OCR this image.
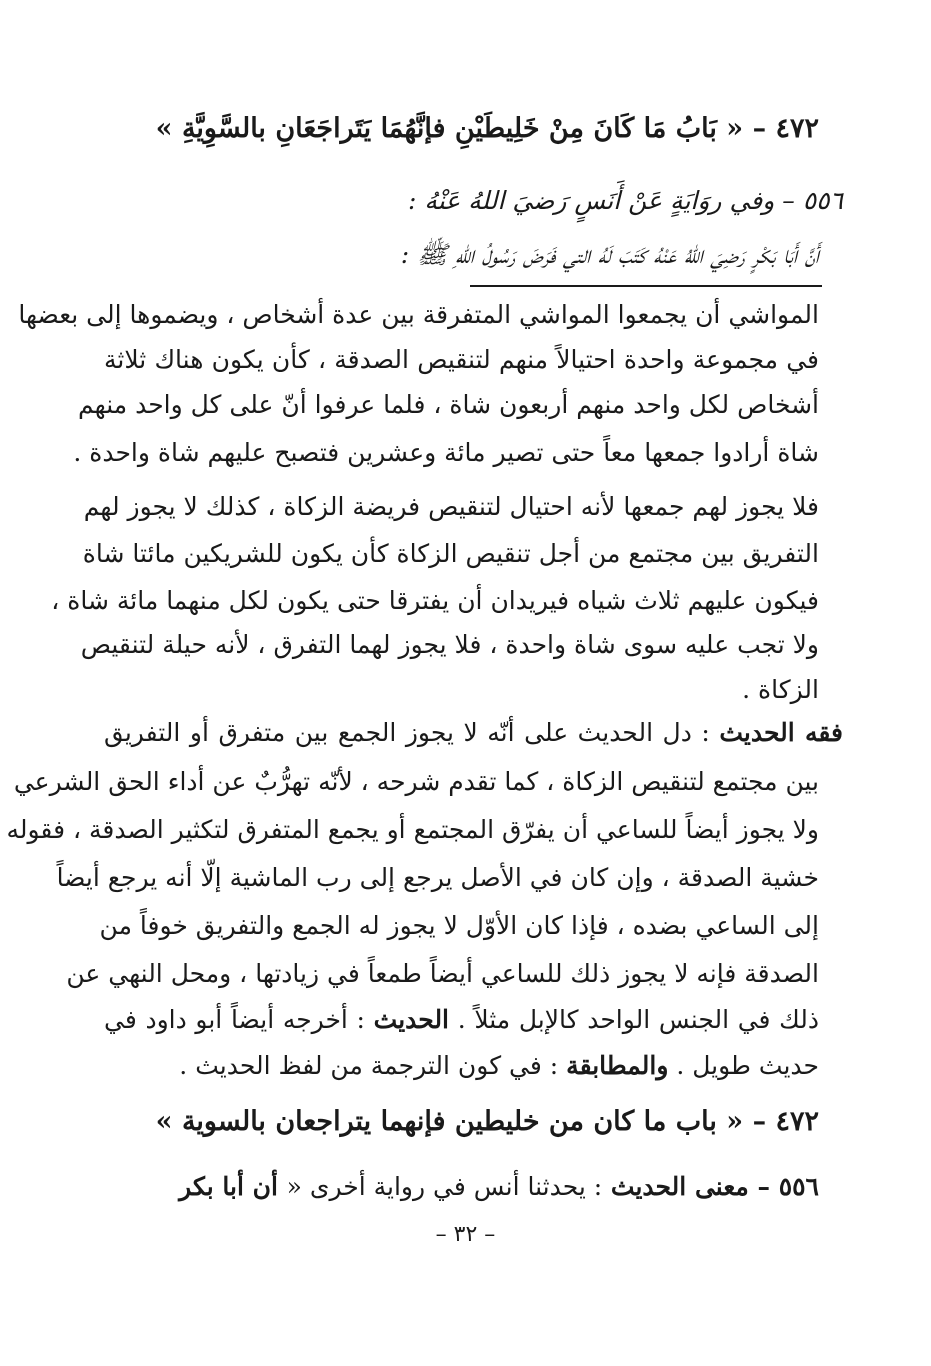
٤٧٢ – « بَابُ مَا كَانَ مِنْ خَلِيطَيْنِ فإنَّهُمَا يَتَراجَعَانِ بالسَّوِيَّةِ »
٥٥٦ – وفي روَايَةٍ عَنْ أَنَسٍ رَضيَ اللهُ عَنْهُ :
أَنَّ أَبَا بَكْرٍ رَضِيَ اللهُ عَنْهُ كَتَبَ لَهُ التي فَرَضَ رَسُولُ اللهِ ﷺ :
المواشي أن يجمعوا المواشي المتفرقة بين عدة أشخاص ، ويضموها إلى بعضها
في مجموعة واحدة احتيالاً منهم لتنقيص الصدقة ، كأن يكون هناك ثلاثة
أشخاص لكل واحد منهم أربعون شاة ، فلما عرفوا أنّ على كل واحد منهم
شاة أرادوا جمعها معاً حتى تصير مائة وعشرين فتصبح عليهم شاة واحدة .
فلا يجوز لهم جمعها لأنه احتيال لتنقيص فريضة الزكاة ، كذلك لا يجوز لهم
التفريق بين مجتمع من أجل تنقيص الزكاة كأن يكون للشريكين مائتا شاة
فيكون عليهم ثلاث شياه فيريدان أن يفترقا حتى يكون لكل منهما مائة شاة ،
ولا تجب عليه سوى شاة واحدة ، فلا يجوز لهما التفرق ، لأنه حيلة لتنقيص
الزكاة .
فقه الحديث : دل الحديث على أنّه لا يجوز الجمع بين متفرق أو التفريق
بين مجتمع لتنقيص الزكاة ، كما تقدم شرحه ، لأنّه تهرُّبٌ عن أداء الحق الشرعي
ولا يجوز أيضاً للساعي أن يفرّق المجتمع أو يجمع المتفرق لتكثير الصدقة ، فقوله
خشية الصدقة ، وإن كان في الأصل يرجع إلى رب الماشية إلّا أنه يرجع أيضاً
إلى الساعي بضده ، فإذا كان الأوّل لا يجوز له الجمع والتفريق خوفاً من
الصدقة فإنه لا يجوز ذلك للساعي أيضاً طمعاً في زيادتها ، ومحل النهي عن
ذلك في الجنس الواحد كالإبل مثلاً . الحديث : أخرجه أيضاً أبو داود في
حديث طويل . والمطابقة : في كون الترجمة من لفظ الحديث .
٤٧٢ – « باب ما كان من خليطين فإنهما يتراجعان بالسوية »
٥٥٦ – معنى الحديث : يحدثنا أنس في رواية أخرى « أن أبا بكر
– ٣٢ –
